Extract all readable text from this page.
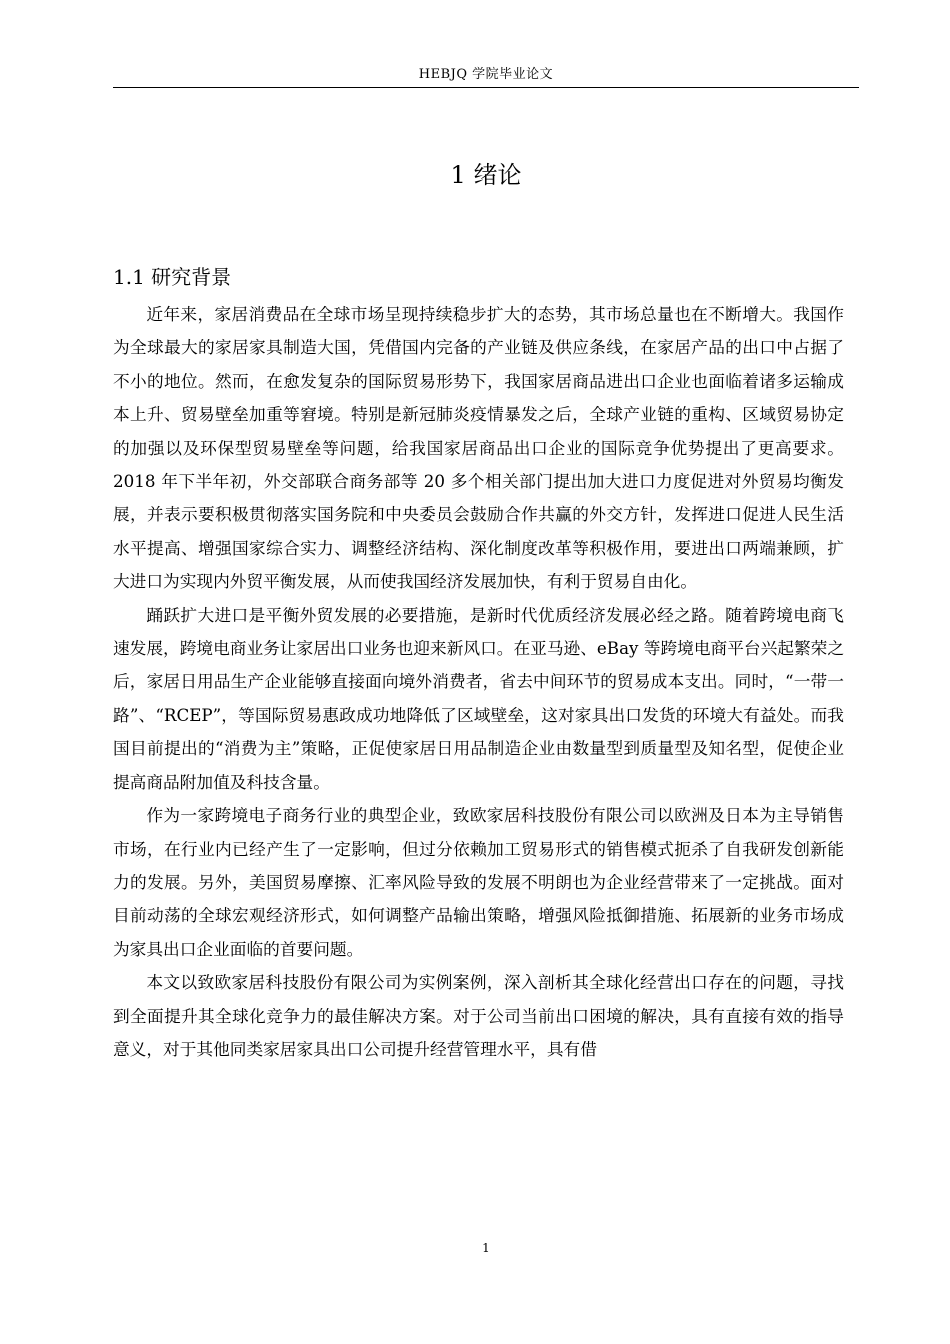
HEBJQ 学院毕业论文
1 绪论
1.1 研究背景

近年来，家居消费品在全球市场呈现持续稳步扩大的态势，其市场总量也在不断增大。我国作为全球最大的家居家具制造大国，凭借国内完备的产业链及供应条线，在家居产品的出口中占据了不小的地位。然而，在愈发复杂的国际贸易形势下，我国家居商品进出口企业也面临着诸多运输成本上升、贸易壁垒加重等窘境。特别是新冠肺炎疫情暴发之后，全球产业链的重构、区域贸易协定的加强以及环保型贸易壁垒等问题，给我国家居商品出口企业的国际竞争优势提出了更高要求。2018 年下半年初，外交部联合商务部等 20 多个相关部门提出加大进口力度促进对外贸易均衡发展，并表示要积极贯彻落实国务院和中央委员会鼓励合作共赢的外交方针，发挥进口促进人民生活水平提高、增强国家综合实力、调整经济结构、深化制度改革等积极作用，要进出口两端兼顾，扩大进口为实现内外贸平衡发展，从而使我国经济发展加快，有利于贸易自由化。

踊跃扩大进口是平衡外贸发展的必要措施，是新时代优质经济发展必经之路。随着跨境电商飞速发展，跨境电商业务让家居出口业务也迎来新风口。在亚马逊、eBay 等跨境电商平台兴起繁荣之后，家居日用品生产企业能够直接面向境外消费者，省去中间环节的贸易成本支出。同时，“一带一路”、“RCEP”，等国际贸易惠政成功地降低了区域壁垒，这对家具出口发货的环境大有益处。而我国目前提出的“消费为主”策略，正促使家居日用品制造企业由数量型到质量型及知名型，促使企业提高商品附加值及科技含量。

作为一家跨境电子商务行业的典型企业，致欧家居科技股份有限公司以欧洲及日本为主导销售市场，在行业内已经产生了一定影响，但过分依赖加工贸易形式的销售模式扼杀了自我研发创新能力的发展。另外，美国贸易摩擦、汇率风险导致的发展不明朗也为企业经营带来了一定挑战。面对目前动荡的全球宏观经济形式，如何调整产品输出策略，增强风险抵御措施、拓展新的业务市场成为家具出口企业面临的首要问题。

本文以致欧家居科技股份有限公司为实例案例，深入剖析其全球化经营出口存在的问题，寻找到全面提升其全球化竞争力的最佳解决方案。对于公司当前出口困境的解决，具有直接有效的指导意义，对于其他同类家居家具出口公司提升经营管理水平，具有借

1
